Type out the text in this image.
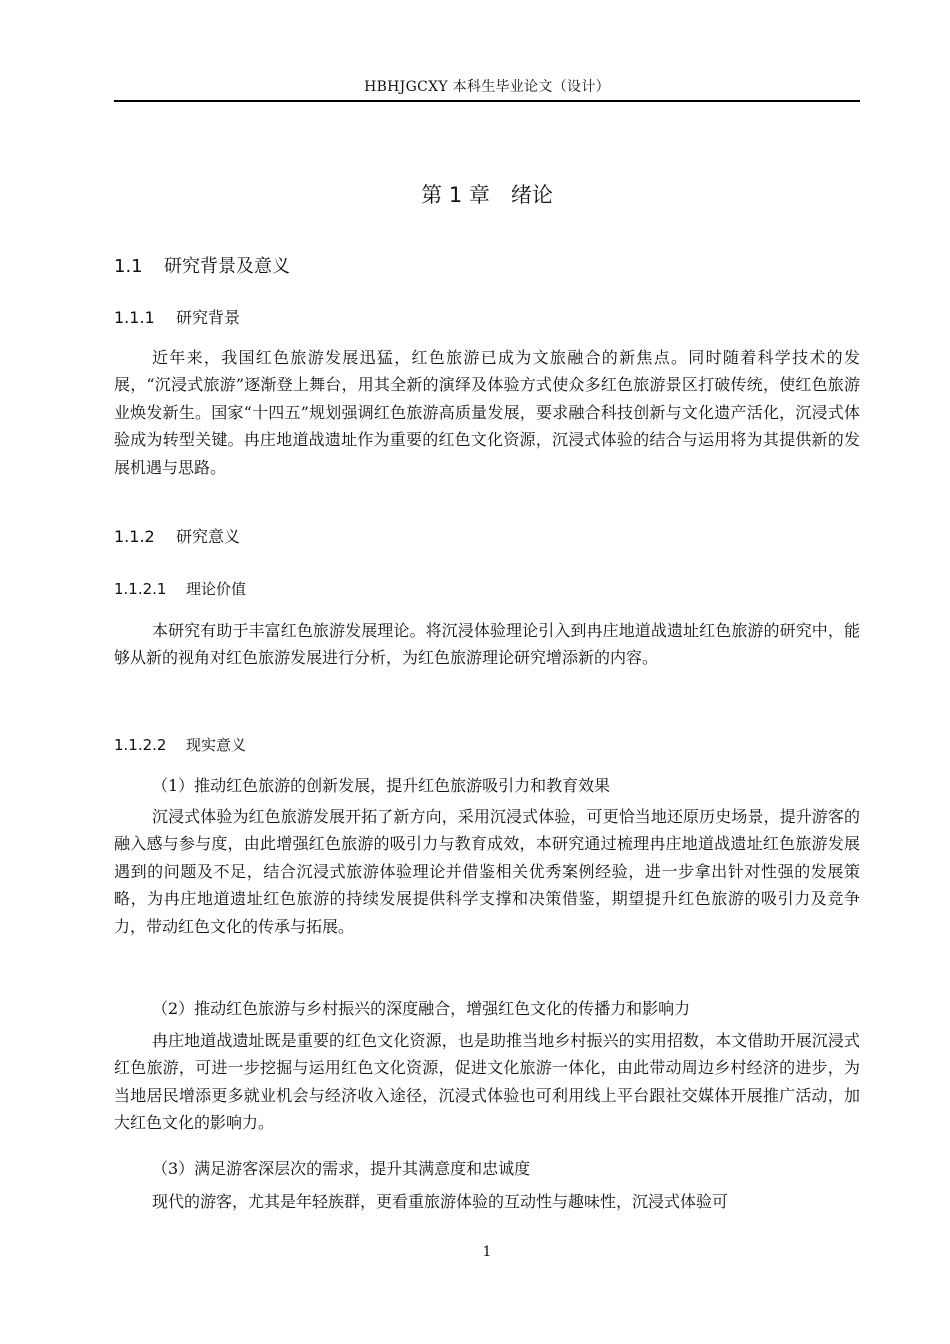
HBHJGCXY 本科生毕业论文（设计）
第 1 章　绪论
1.1 研究背景及意义
1.1.1 研究背景
近年来，我国红色旅游发展迅猛，红色旅游已成为文旅融合的新焦点。同时随着科学技术的发展，“沉浸式旅游”逐渐登上舞台，用其全新的演绎及体验方式使众多红色旅游景区打破传统，使红色旅游业焕发新生。国家“十四五”规划强调红色旅游高质量发展，要求融合科技创新与文化遗产活化，沉浸式体验成为转型关键。冉庄地道战遗址作为重要的红色文化资源，沉浸式体验的结合与运用将为其提供新的发展机遇与思路。
1.1.2 研究意义
1.1.2.1 理论价值
本研究有助于丰富红色旅游发展理论。将沉浸体验理论引入到冉庄地道战遗址红色旅游的研究中，能够从新的视角对红色旅游发展进行分析，为红色旅游理论研究增添新的内容。
1.1.2.2 现实意义
（1）推动红色旅游的创新发展，提升红色旅游吸引力和教育效果
沉浸式体验为红色旅游发展开拓了新方向，采用沉浸式体验，可更恰当地还原历史场景，提升游客的融入感与参与度，由此增强红色旅游的吸引力与教育成效，本研究通过梳理冉庄地道战遗址红色旅游发展遇到的问题及不足，结合沉浸式旅游体验理论并借鉴相关优秀案例经验，进一步拿出针对性强的发展策略，为冉庄地道遗址红色旅游的持续发展提供科学支撑和决策借鉴，期望提升红色旅游的吸引力及竞争力，带动红色文化的传承与拓展。
（2）推动红色旅游与乡村振兴的深度融合，增强红色文化的传播力和影响力
冉庄地道战遗址既是重要的红色文化资源，也是助推当地乡村振兴的实用招数，本文借助开展沉浸式红色旅游，可进一步挖掘与运用红色文化资源，促进文化旅游一体化，由此带动周边乡村经济的进步，为当地居民增添更多就业机会与经济收入途径，沉浸式体验也可利用线上平台跟社交媒体开展推广活动，加大红色文化的影响力。
（3）满足游客深层次的需求，提升其满意度和忠诚度
现代的游客，尤其是年轻族群，更看重旅游体验的互动性与趣味性，沉浸式体验可
1
